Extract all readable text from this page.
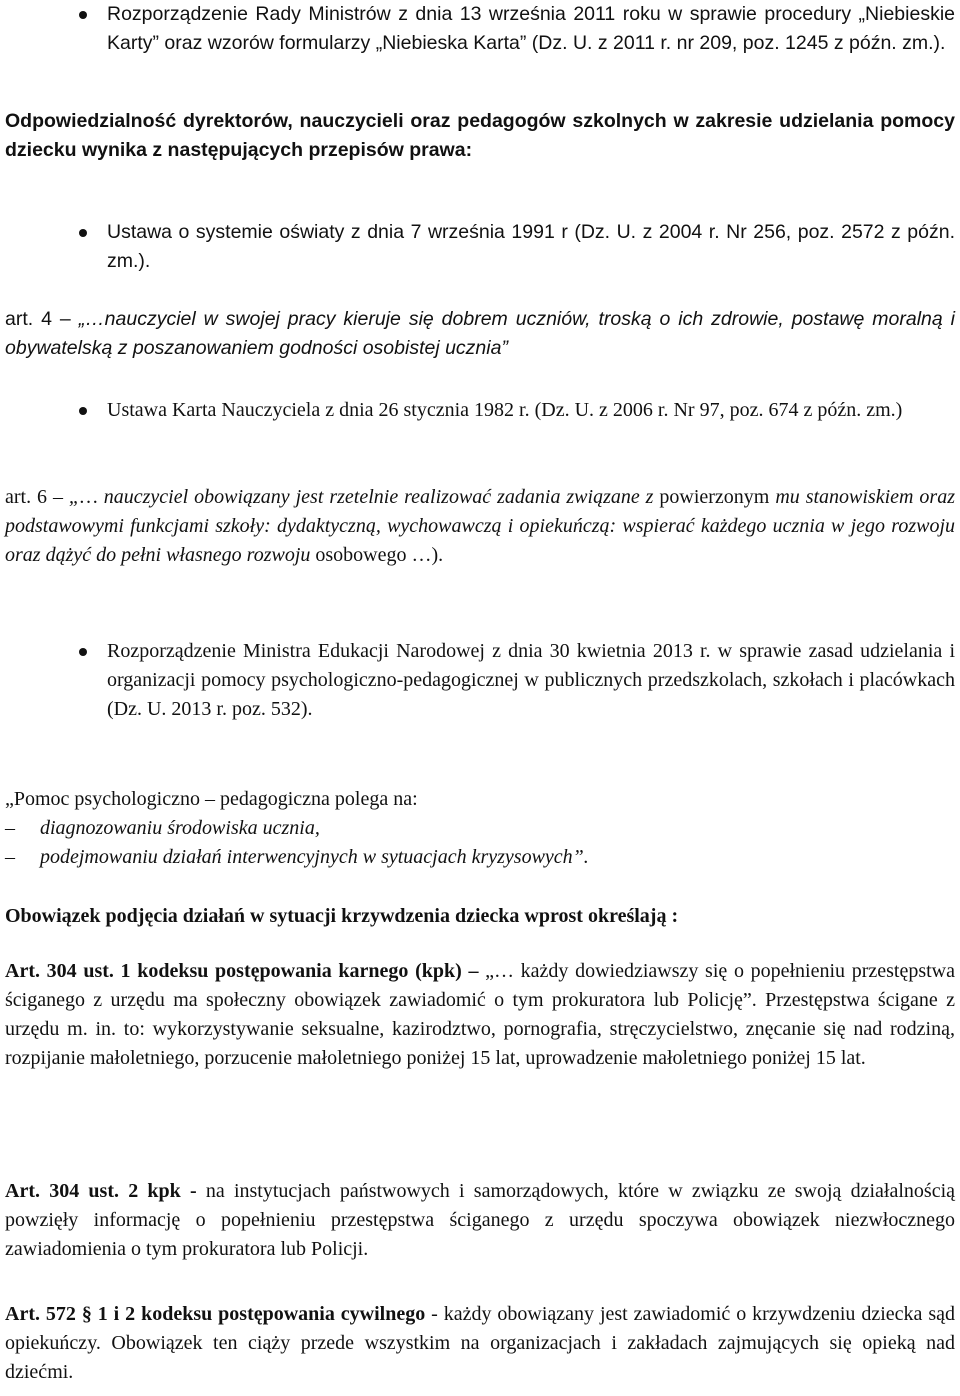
Rozporządzenie Rady Ministrów z dnia 13 września 2011 roku w sprawie procedury „Niebieskie Karty” oraz wzorów formularzy „Niebieska Karta” (Dz. U. z 2011 r. nr 209, poz. 1245 z późn. zm.).

Odpowiedzialność dyrektorów, nauczycieli oraz pedagogów szkolnych w zakresie udzielania pomocy dziecku wynika z następujących przepisów prawa:

Ustawa o systemie oświaty z dnia 7 września 1991 r (Dz. U. z 2004 r. Nr 256, poz. 2572 z późn. zm.).

art. 4 – „…nauczyciel w swojej pracy kieruje się dobrem uczniów, troską o ich zdrowie, postawę moralną i obywatelską z poszanowaniem godności osobistej ucznia”

Ustawa Karta Nauczyciela z dnia 26 stycznia 1982 r. (Dz. U. z 2006 r. Nr 97, poz. 674 z późn. zm.)

art. 6 – „… nauczyciel obowiązany jest rzetelnie realizować zadania związane z powierzonym mu stanowiskiem oraz podstawowymi funkcjami szkoły: dydaktyczną, wychowawczą i opiekuńczą: wspierać każdego ucznia w jego rozwoju oraz dążyć do pełni własnego rozwoju osobowego …).

Rozporządzenie Ministra Edukacji Narodowej z dnia 30 kwietnia 2013 r. w sprawie zasad udzielania i organizacji pomocy psychologiczno-pedagogicznej w publicznych przedszkolach, szkołach i placówkach (Dz. U. 2013 r. poz. 532).

„Pomoc psychologiczno – pedagogiczna polega na:

– diagnozowaniu środowiska ucznia,
– podejmowaniu działań interwencyjnych w sytuacjach kryzysowych”.

Obowiązek podjęcia działań w sytuacji krzywdzenia dziecka wprost określają :

Art. 304 ust. 1 kodeksu postępowania karnego (kpk) – „… każdy dowiedziawszy się o popełnieniu przestępstwa ściganego z urzędu ma społeczny obowiązek zawiadomić o tym prokuratora lub Policję”. Przestępstwa ścigane z urzędu m. in. to: wykorzystywanie seksualne, kazirodztwo, pornografia, stręczycielstwo, znęcanie się nad rodziną, rozpijanie małoletniego, porzucenie małoletniego poniżej 15 lat, uprowadzenie małoletniego poniżej 15 lat.

Art. 304 ust. 2 kpk - na instytucjach państwowych i samorządowych, które w związku ze swoją działalnością powzięły informację o popełnieniu przestępstwa ściganego z urzędu spoczywa obowiązek niezwłocznego zawiadomienia o tym prokuratora lub Policji.

Art. 572 § 1 i 2 kodeksu postępowania cywilnego - każdy obowiązany jest zawiadomić o krzywdzeniu dziecka sąd opiekuńczy. Obowiązek ten ciąży przede wszystkim na organizacjach i zakładach zajmujących się opieką nad dziećmi.
